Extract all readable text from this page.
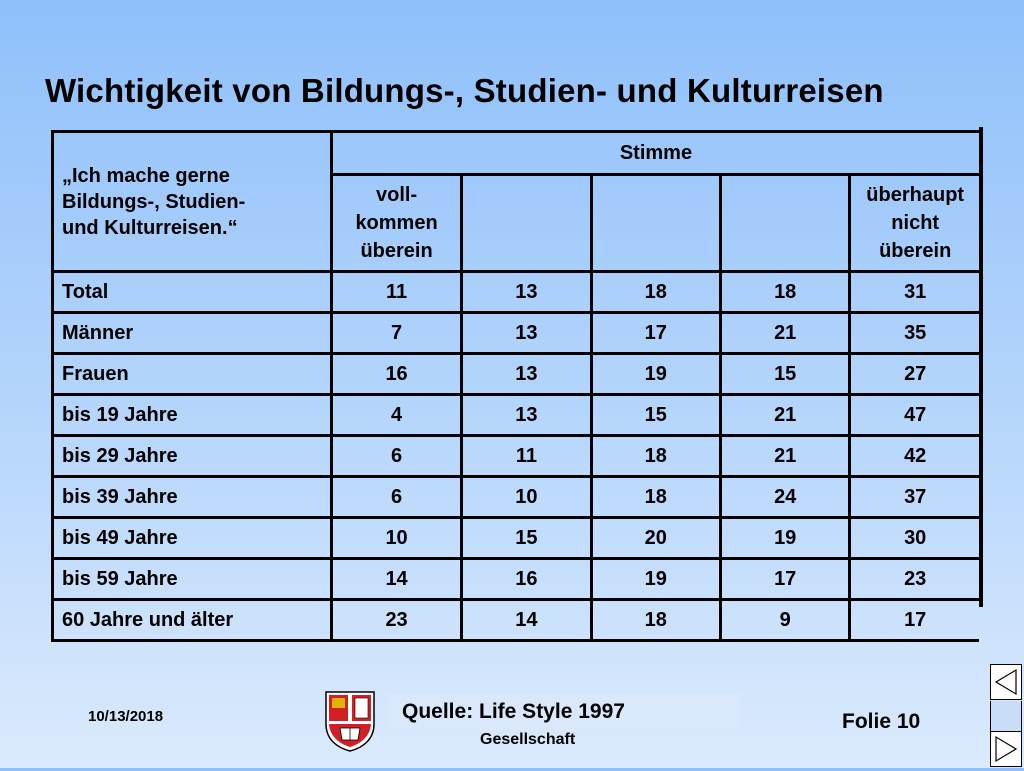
Wichtigkeit von Bildungs-, Studien- und Kulturreisen
„Ich mache gerne
Bildungs-, Studien-
und Kulturreisen.“	Stimme				
	voll-
kommen
überein				überhaupt
nicht
überein
Total	11	13	18	18	31
Männer	7	13	17	21	35
Frauen	16	13	19	15	27
bis 19 Jahre	4	13	15	21	47
bis 29 Jahre	6	11	18	21	42
bis 39 Jahre	6	10	18	24	37
bis 49 Jahre	10	15	20	19	30
bis 59 Jahre	14	16	19	17	23
60 Jahre und älter	23	14	18	9	17
10/13/2018	Quelle: Life Style 1997
Gesellschaft
Folie 10
